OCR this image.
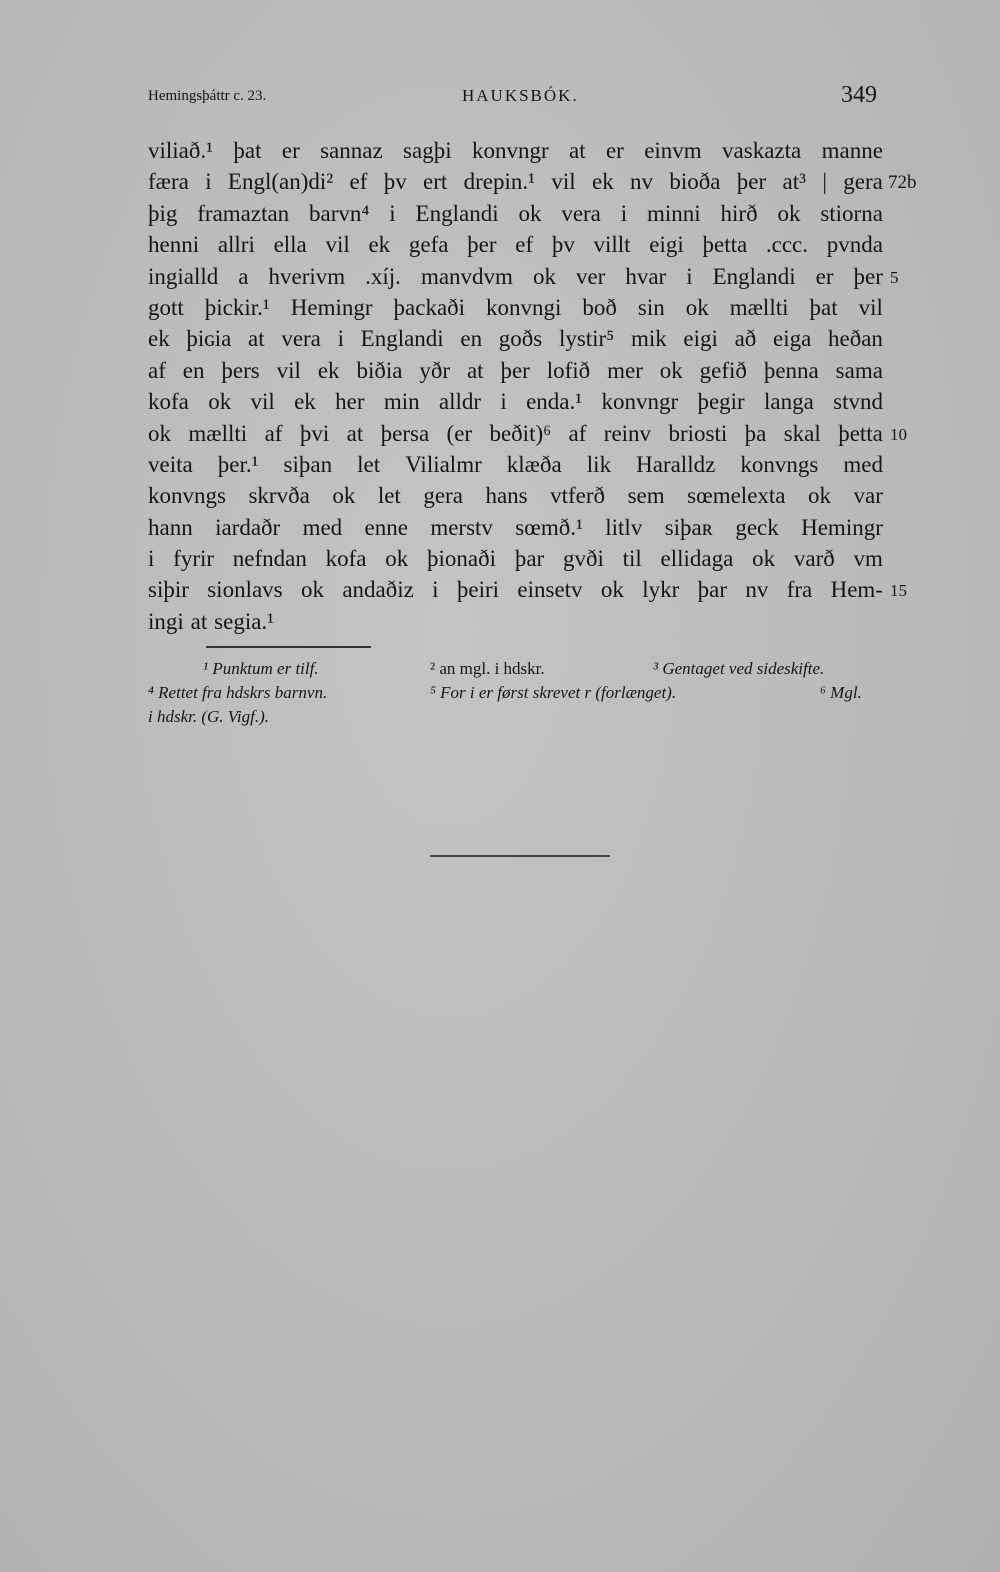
Hemingsþáttr c. 23.	HAUKSBÓK.	349
viliað.¹ þat er sannaz sagþi konvngr at er einvm vaskazta manne
færa i Engl(an)di² ef þv ert drepin.¹ vil ek nv bioða þer at³ | gera 72b
þig framaztan barvn⁴ i Englandi ok vera i minni hirð ok stiorna
henni allri ella vil ek gefa þer ef þv villt eigi þetta .ccc. pvnda
ingialld a hverivm .xíj. manvdvm ok ver hvar i Englandi er þer 5
gott þickir.¹ Hemingr þackaði konvngi boð sin ok mællti þat vil
ek þiɢia at vera i Englandi en goðs lystir⁵ mik eigi að eiga heðan
af en þers vil ek biðia yðr at þer lofið mer ok gefið þenna sama
kofa ok vil ek her min alldr i enda.¹ konvngr þegir langa stvnd
ok mællti af þvi at þersa (er beðit)⁶ af reinv briosti þa skal þetta 10
veita þer.¹ siþan let Vilialmr klæða lik Haralldz konvngs med
konvngs skrvða ok let gera hans vtferð sem sœmelexta ok var
hann iardaðr med enne merstv sœmð.¹ litlv siþaʀ geck Hemingr
i fyrir nefndan kofa ok þionaði þar gvði til ellidaga ok varð vm
siþir sionlavs ok andaðiz i þeiri einsetv ok lykr þar nv fra Hem- 15
ingi at segia.¹
¹ Punktum er tilf.	² an mgl. i hdskr.	³ Gentaget ved sideskifte.
⁴ Rettet fra hdskrs barnvn.	⁵ For i er først skrevet r (forlænget).	⁶ Mgl.
i hdskr. (G. Vigf.).
